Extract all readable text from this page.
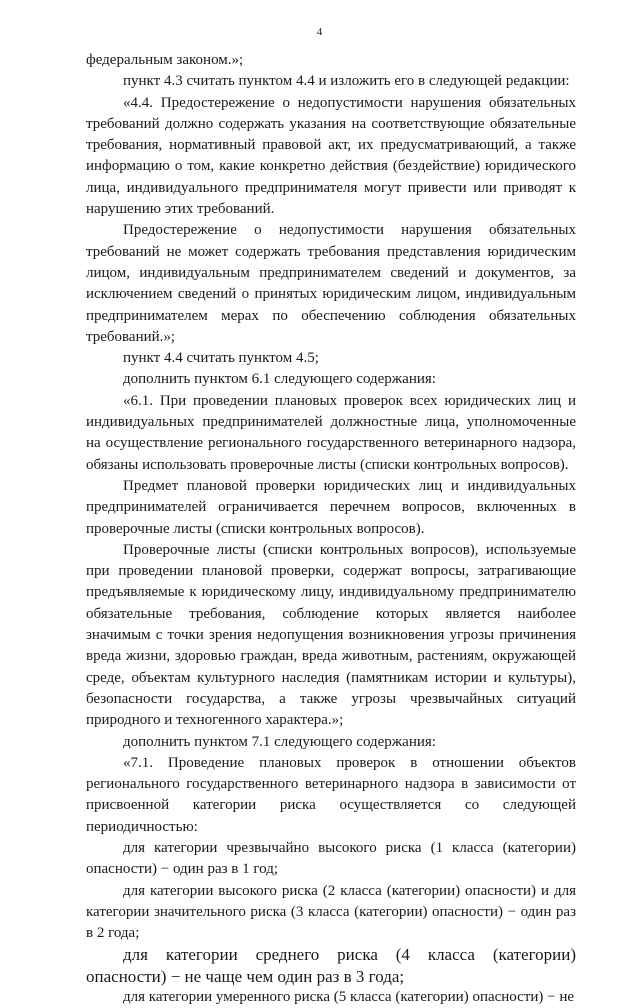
4

федеральным законом.»;

пункт 4.3 считать пунктом 4.4 и изложить его в следующей редакции:

«4.4. Предостережение о недопустимости нарушения обязательных требований должно содержать указания на соответствующие обязательные требования, нормативный правовой акт, их предусматривающий, а также информацию о том, какие конкретно действия (бездействие) юридического лица, индивидуального предпринимателя могут привести или приводят к нарушению этих требований.

Предостережение о недопустимости нарушения обязательных требований не может содержать требования представления юридическим лицом, индивидуальным предпринимателем сведений и документов, за исключением сведений о принятых юридическим лицом, индивидуальным предпринимателем мерах по обеспечению соблюдения обязательных требований.»;

пункт 4.4 считать пунктом 4.5;

дополнить пунктом 6.1 следующего содержания:

«6.1. При проведении плановых проверок всех юридических лиц и индивидуальных предпринимателей должностные лица, уполномоченные на осуществление регионального государственного ветеринарного надзора, обязаны использовать проверочные листы (списки контрольных вопросов).

Предмет плановой проверки юридических лиц и индивидуальных предпринимателей ограничивается перечнем вопросов, включенных в проверочные листы (списки контрольных вопросов).

Проверочные листы (списки контрольных вопросов), используемые при проведении плановой проверки, содержат вопросы, затрагивающие предъявляемые к юридическому лицу, индивидуальному предпринимателю обязательные требования, соблюдение которых является наиболее значимым с точки зрения недопущения возникновения угрозы причинения вреда жизни, здоровью граждан, вреда животным, растениям, окружающей среде, объектам культурного наследия (памятникам истории и культуры), безопасности государства, а также угрозы чрезвычайных ситуаций природного и техногенного характера.»;

дополнить пунктом 7.1 следующего содержания:

«7.1. Проведение плановых проверок в отношении объектов регионального государственного ветеринарного надзора в зависимости от присвоенной категории риска осуществляется со следующей периодичностью:

для категории чрезвычайно высокого риска (1 класса (категории) опасности) − один раз в 1 год;

для категории высокого риска (2 класса (категории) опасности) и для категории значительного риска (3 класса (категории) опасности) − один раз в 2 года;

для категории среднего риска (4 класса (категории) опасности) − не чаще чем один раз в 3 года;

для категории умеренного риска (5 класса (категории) опасности) − не
